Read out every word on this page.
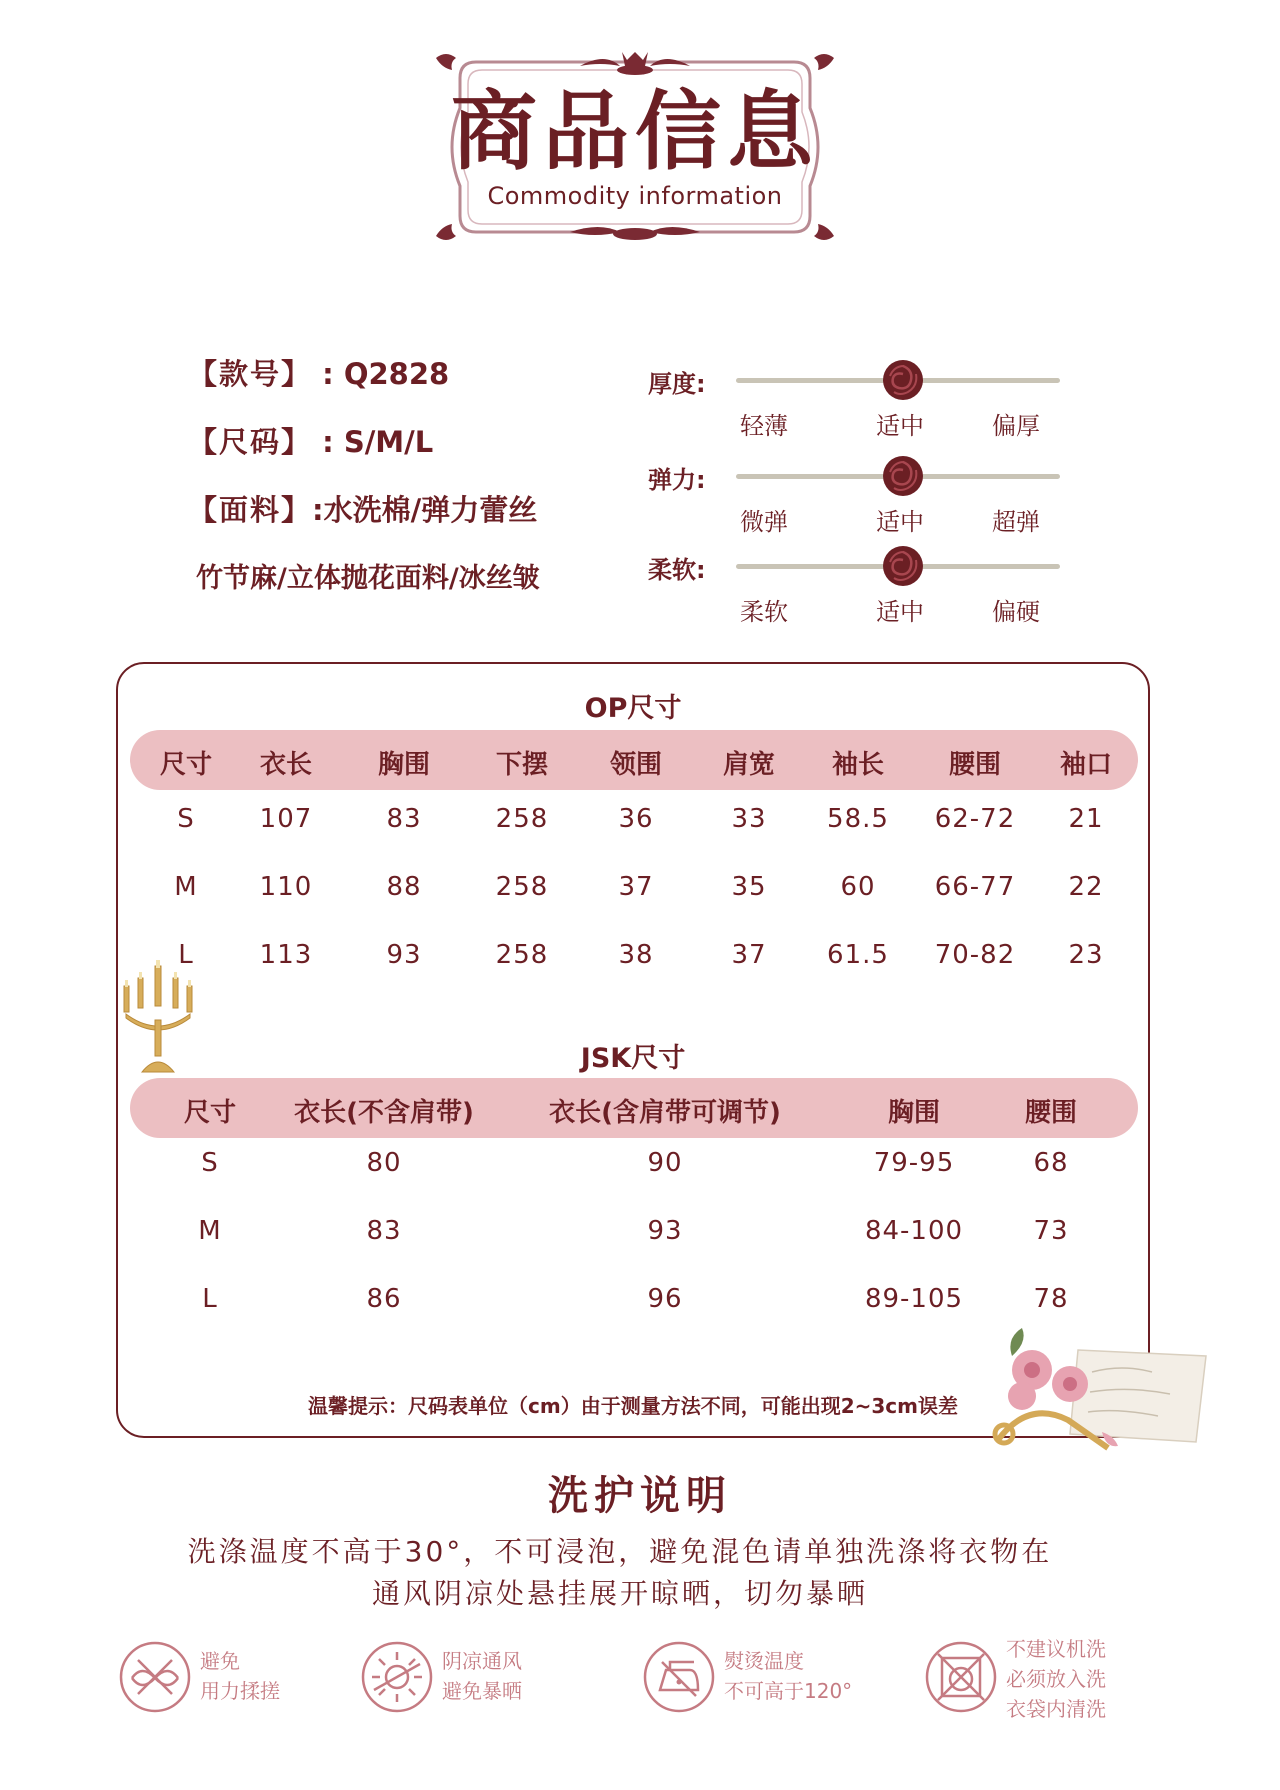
商品信息
Commodity information
【款号】 : Q2828
【尺码】 : S/M/L
【面料】:水洗棉/弹力蕾丝
竹节麻/立体抛花面料/冰丝皱
厚度:
轻薄	适中	偏厚
弹力:
微弹	适中	超弹
柔软:
柔软	适中	偏硬
OP尺寸
尺寸	衣长	胸围	下摆	领围	肩宽	袖长	腰围	袖口
S	107	83	258	36	33	58.5	62-72	21
M	110	88	258	37	35	60	66-77	22
L	113	93	258	38	37	61.5	70-82	23
JSK尺寸
尺寸	衣长(不含肩带)	衣长(含肩带可调节)	胸围	腰围
S	80	90	79-95	68
M	83	93	84-100	73
L	86	96	89-105	78
温馨提示：尺码表单位（cm）由于测量方法不同，可能出现2~3cm误差
洗护说明
洗涤温度不高于30°，不可浸泡，避免混色请单独洗涤将衣物在
通风阴凉处悬挂展开晾晒，切勿暴晒
避免
用力揉搓
阴凉通风
避免暴晒
熨烫温度
不可高于120°
不建议机洗
必须放入洗
衣袋内清洗
